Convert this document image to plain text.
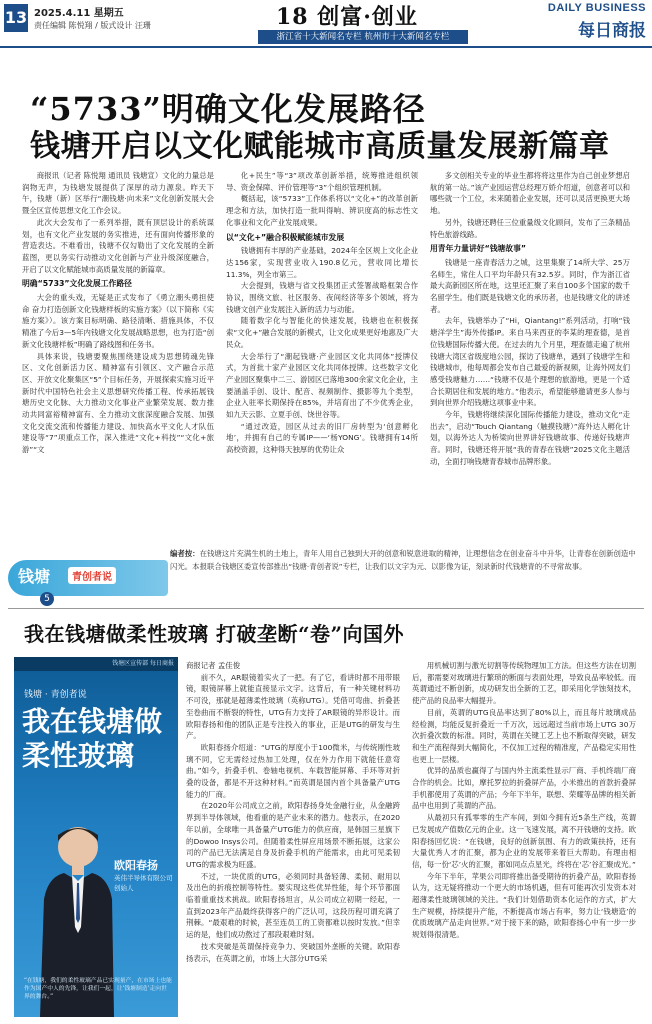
13 2025.4.11 星期五
责任编辑 陈悦翔 / 版式设计 汪珊	18 创富·创业
浙江省十大新闻名专栏 杭州市十大新闻名专栏
DAILY BUSINESS
每日商报
“5733”明确文化发展路径
钱塘开启以文化赋能城市高质量发展新篇章

商报讯（记者 陈悦翔 通讯员 钱塘宣）文化的力量总是润物无声，为钱塘发展提供了深厚的动力源泉。昨天下午，钱塘（新）区举行“潮钱塘·向未来”文化创新发展大会暨全区宣传思想文化工作会议。

此次大会发布了一系列举措，既有顶层设计的系统谋划，也有文化产业发展的务实推进，还有面向传播形象的营造表达。不难看出，钱塘不仅勾勒出了文化发展的全新蓝图，更以务实行动推动文化创新与产业升级深度融合，开启了以文化赋能城市高质量发展的新篇章。

明确“5733”文化发展工作路径

大会的重头戏，无疑是正式发布了《勇立潮头勇担使命 奋力打造创新文化钱塘样板的实施方案》（以下简称《实施方案》）。该方案目标明确、路径清晰、措施具体，不仅精准了今后3—5年内钱塘文化发展战略思想，也为打造“创新文化钱塘样板”明确了路线图和任务书。

具体来说，钱塘要聚焦围绕建设成为思想铸魂先锋区、文化创新活力区、精神富有引领区、文产融合示范区、开放文化聚集区“5”个目标任务，开展探索实施习近平新时代中国特色社会主义思想研究传播工程、传承拓展钱塘历史文化脉、大力推动文化事业产业繁荣发展、数力推动共同富裕精神富有、全力推动文旅深度融合发展、加强文化交流交流和传播能力建设、加快高水平文化人才队伍建设等“7”项重点工作，深入推进“文化+科技”“文化+旅游”“文

化+民生”等“3”项改革创新举措，统筹推进组织领导、资金保障、评价管理等“3”个组织管理机制。

概括起，该“5733”工作体系将以“文化+”的改革创新理念和方法，加快打造一批叫得响、辨识度高的标志性文化事业和文化产业发展成果。

以“文化+”融合积极赋能城市发展

钱塘拥有丰厚的产业基础，2024年全区规上文化企业达156家，实现营业收入190.8亿元，营收同比增长11.3%，列全市第三。

大会提到，钱塘与省文投集团正式签署战略框架合作协议，围绕文旅、社区服务、夜间经济等多个领域，将为钱塘文创产业发展注入新的活力与动能。

随着数字化与智能化的快速发展，钱塘也在积极探索“文化+”融合发展的新模式，让文化成果更好地惠及广大民众。

大会举行了“潮起钱塘·产业园区文化共同体”授牌仪式，为首批十家产业园区文化共同体授牌。这些数字文化产业园区聚集中二三、游园区已落地300余家文化企业，主要涵盖手创、设计、配音、视频制作、摄影等九个类型，企业入驻率长期保持在85%，并培育出了不少优秀企业，如九天云影、立夏手创、饶世谷等。

“通过改造，园区从过去的旧厂房转型为‘创意孵化地’，并拥有自己的专属IP——‘杨YONG’。钱塘拥有14所高校资源，这种得天独厚的优势让众

多文创相关专业的毕业生都将将这里作为自己创业梦想启航的第一站。”该产业园运营总经理万娇介绍道，创意者可以和哪些就一个工位，未来随着企业发展，还可以灵活更换更大场地。

另外，钱塘还聘任三位重量级文化顾问，发布了三条精品特色旅游线路。

用青年力量讲好“钱塘故事”

钱塘是一座青春活力之城，这里集聚了14所大学、25万名师生，常住人口平均年龄只有32.5岁。同时，作为浙江省最大高新园区所在地，这里还汇聚了来自100多个国家的数千名留学生。他们既是钱塘文化的承历者，也是钱塘文化的讲述者。

去年，钱塘举办了“Hi，Qiantang!”系列活动，打响“钱塘洋学生”海外传播IP。来自马来西亚的李某的理查德，是首位钱塘国际传播大使。在过去的九个月里，理查德走遍了杭州钱塘大湾区省级度地公园，探访了钱塘单，遇到了钱塘学生和钱塘城市，他每周都会发布自己最爱的新视频，让海外网友们感受钱塘魅力……“钱塘不仅是个理想的旅游地，更是一个适合长期居住和发展的地方。”他表示，希望能够邀请更多人参与到向世界介绍钱塘这项事业中来。

今年，钱塘将继续深化国际传播能力建设，推动文化“走出去”，启动“Touch Qiantang（触摸钱塘）”海外达人孵化计划，以海外达人为桥梁向世界讲好钱塘故事、传递好钱塘声音。同时，钱塘还将开展“我的青春在钱塘”2025文化主题活动，全面打响钱塘青春城市品牌形象。

钱塘	青创者说
5
编者按：在钱塘这片充满生机的土地上，青年人用自己独到大开的创意和锐意进取的精神，让理想信念在创业奋斗中升华，让青春在创新创造中闪光。本报联合钱塘区委宣传部推出“钱塘·青创者说”专栏，让我们以文字为元、以影像为证，刻录新时代钱塘青的不寻常故事。
我在钱塘做柔性玻璃 打破垄断“卷”向国外
钱塘区宣传部 每日商报
钱塘 · 青创者说
我在钱塘做
柔性玻璃
欧阳春扬
英伟半导体有限公司
创始人
“在钱塘，我们的柔性玻璃产品已实现量产，在市场上也能作为国产中人的先锋，让我们一起，让‘钱塘制造’走向世界的舞台。”

商报记者 孟佳俊

前不久，AR眼镜着实火了一把。有了它，看讲时都不用带眼镜，眼镜屏幕上就能直接显示文字。这背后，有一种关键材料功不可没，那就是超薄柔性玻璃（英称UTG）。凭借可弯曲、折叠甚至卷曲而不断裂的特性，UTG有力支持了AR眼镜的异形设计。而欧阳春扬和他的团队正是专注投入的事业，正是UTG的研发与生产。

欧阳春扬介绍道：“UTG的厚度小于100微米，与传统刚性玻璃不同，它无需经过热加工处理，仅在外力作用下就能任意弯曲。”如今，折叠手机、卷轴电视机、车载智能屏幕、手环等对折叠的设备，都是不开这种材料。”而英谓是国内首个具备量产UTG能力的厂商。

在2020年公司成立之前，欧阳春扬身处金融行业，从金融跨界到半导体领域，他看重的是产业未来的潜力。他表示，在2020年以前，全球唯一具备量产UTG能力的供应商，是韩国三星旗下的Dowoo Insys公司。但随着柔性屏应用场景不断拓展，这家公司的产品已无法满足自身及折叠手机的产能需求，由此可见柔韧UTG的需求极为旺盛。

不过，一块优质的UTG，必须同时具备轻薄、柔韧、耐用以及出色的折痕控制等特性。要实现这些优异性能，每个环节都面临着重重技术挑战。欧阳春扬坦言，从公司成立初期一经起，一直到2023年产品最终获得客户的广泛认可，这段历程可谓充满了荆棘。“最艰难的时候，甚至连员工的工资都难以按时发放。”但幸运的是，他们成功熬过了那段艰难时刻。

技术突破是英谓保持竞争力、突破国外垄断的关键。欧阳春扬表示，在英谓之前，市场上大部分UTG采

用机械切割与激光切割等传统物理加工方法。但这些方法在切割后，都需要对玻璃进行繁琐的断面与表面处理，导致良品率较低。而英谓通过不断创新，成功研发出全新的工艺，即采用化学蚀刻技术，使产品的良品率大幅提升。

目前，英谓的UTG良品率达到了80%以上，而且每片玻璃成品经检测，均能反复折叠近一千万次，远远超过当前市场上UTG 30万次折叠次数的标准。同时，英谓在关键工艺上也不断取得突破，研发和生产流程得到大幅简化，不仅加工过程的精准度，产品稳定实用性也更上一层楼。

优异的品质也赢得了与国内外主流柔性显示厂商、手机终端厂商合作的机会。比如，摩托罗拉的折叠屏产品，小米推出的首款折叠屏手机都使用了英谓的产品；今年下半年，联想、荣耀等品牌的相关新品中也用到了英谓的产品。

从最初只有孤零零的生产车间，到如今拥有近5条生产线，英谓已发展成产值数亿元的企业。这一飞速发展，离不开钱塘的支持。欧阳春扬回忆说：“在钱塘，良好的创新氛围、有力的政策扶持，还有大量优秀人才的汇聚，都为企业的发展带来着巨大帮助。有理由相信，每一份‘芯’火的汇聚，都如同点点星光，终将在‘芯’谷汇聚成光。”

今年下半年，苹果公司即将推出备受期待的折叠产品，欧阳春扬认为，这无疑将推动一个更大的市场机遇，但有可能再次引发资本对超薄柔性玻璃领域的关注。“我们计划借助资本化运作的方式，扩大生产规模，持续提升产能，不断提高市场占有率，努力让‘钱塘造’的优质玻璃产品走向世界。”对于接下来的路，欧阳春扬心中有一步一步规划得很清楚。
